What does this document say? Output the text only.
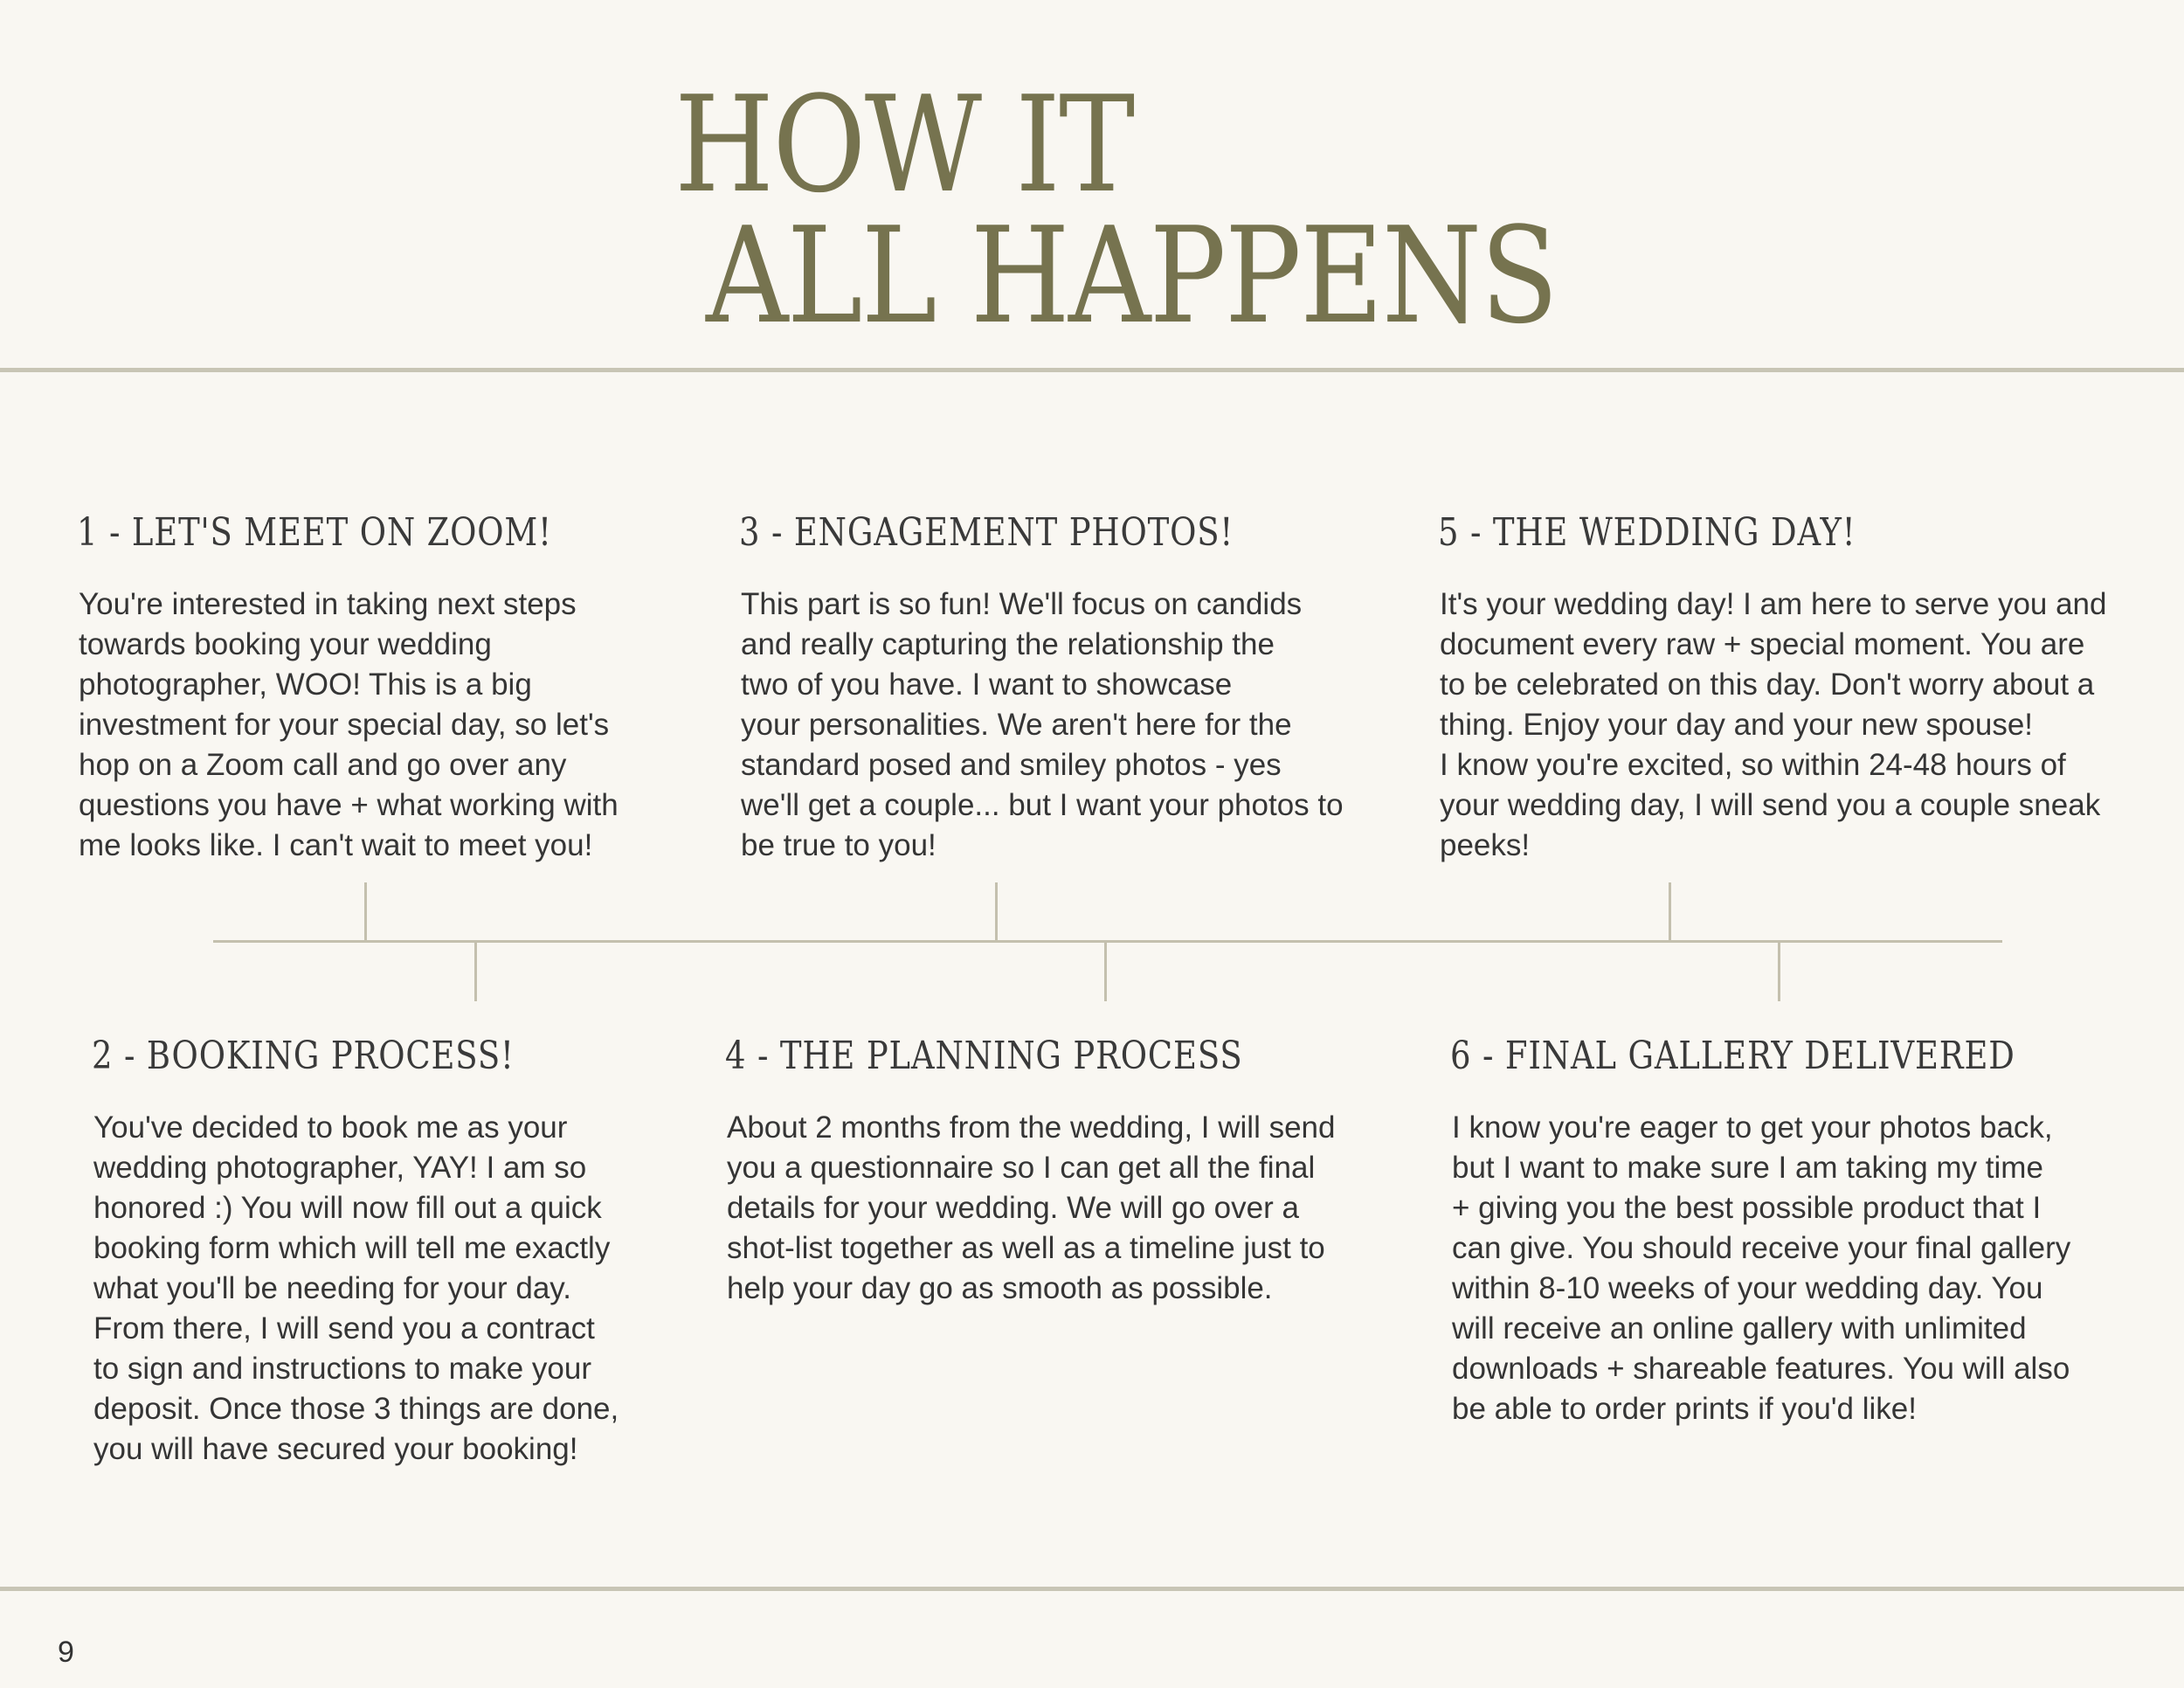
HOW IT
ALL HAPPENS
1 - LET'S MEET ON ZOOM!
You're interested in taking next steps
towards booking your wedding
photographer, WOO! This is a big
investment for your special day, so let's
hop on a Zoom call and go over any
questions you have + what working with
me looks like. I can't wait to meet you!
3 - ENGAGEMENT PHOTOS!
This part is so fun! We'll focus on candids
and really capturing the relationship the
two of you have. I want to showcase
your personalities. We aren't here for the
standard posed and smiley photos - yes
we'll get a couple... but I want your photos to
be true to you!
5 - THE WEDDING DAY!
It's your wedding day! I am here to serve you and
document every raw + special moment. You are
to be celebrated on this day. Don't worry about a
thing. Enjoy your day and your new spouse!
I know you're excited, so within 24-48 hours of
your wedding day, I will send you a couple sneak
peeks!
2 - BOOKING PROCESS!
You've decided to book me as your
wedding photographer, YAY! I am so
honored :) You will now fill out a quick
booking form which will tell me exactly
what you'll be needing for your day.
From there, I will send you a contract
to sign and instructions to make your
deposit. Once those 3 things are done,
you will have secured your booking!
4 - THE PLANNING PROCESS
About 2 months from the wedding, I will send
you a questionnaire so I can get all the final
details for your wedding. We will go over a
shot-list together as well as a timeline just to
help your day go as smooth as possible.
6 - FINAL GALLERY DELIVERED
I know you're eager to get your photos back,
but I want to make sure I am taking my time
+ giving you the best possible product that I
can give. You should receive your final gallery
within 8-10 weeks of your wedding day. You
will receive an online gallery with unlimited
downloads + shareable features. You will also
be able to order prints if you'd like!
9
